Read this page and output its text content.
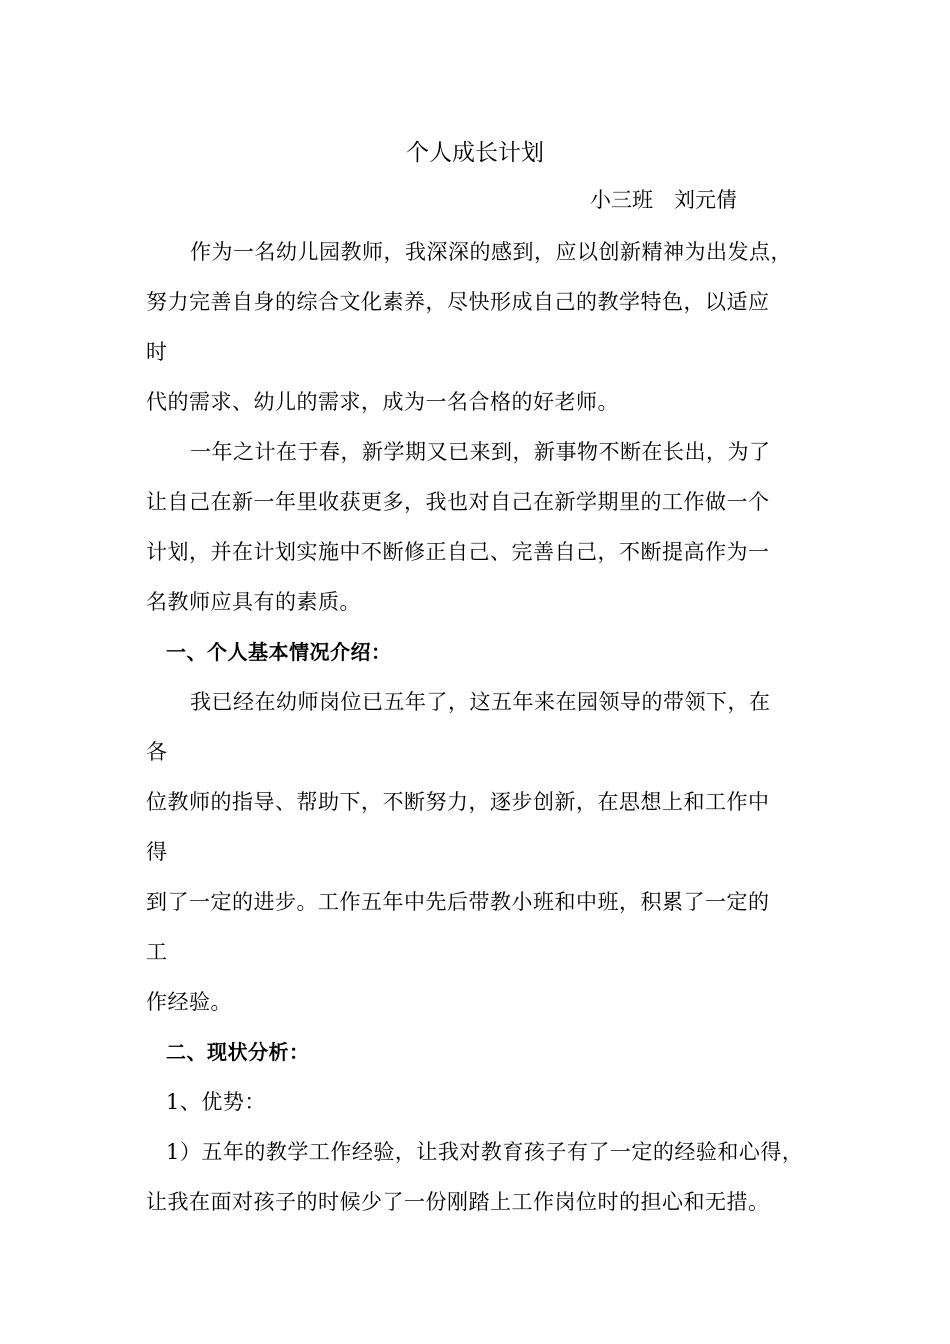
个人成长计划
小三班　刘元倩
作为一名幼儿园教师，我深深的感到，应以创新精神为出发点，
努力完善自身的综合文化素养，尽快形成自己的教学特色，以适应
时
代的需求、幼儿的需求，成为一名合格的好老师。
一年之计在于春，新学期又已来到，新事物不断在长出，为了
让自己在新一年里收获更多，我也对自己在新学期里的工作做一个
计划，并在计划实施中不断修正自己、完善自己，不断提高作为一
名教师应具有的素质。
一、个人基本情况介绍：
我已经在幼师岗位已五年了，这五年来在园领导的带领下，在
各
位教师的指导、帮助下，不断努力，逐步创新，在思想上和工作中
得
到了一定的进步。工作五年中先后带教小班和中班，积累了一定的
工
作经验。
二、现状分析：
1、优势：
1）五年的教学工作经验，让我对教育孩子有了一定的经验和心得，
让我在面对孩子的时候少了一份刚踏上工作岗位时的担心和无措。
